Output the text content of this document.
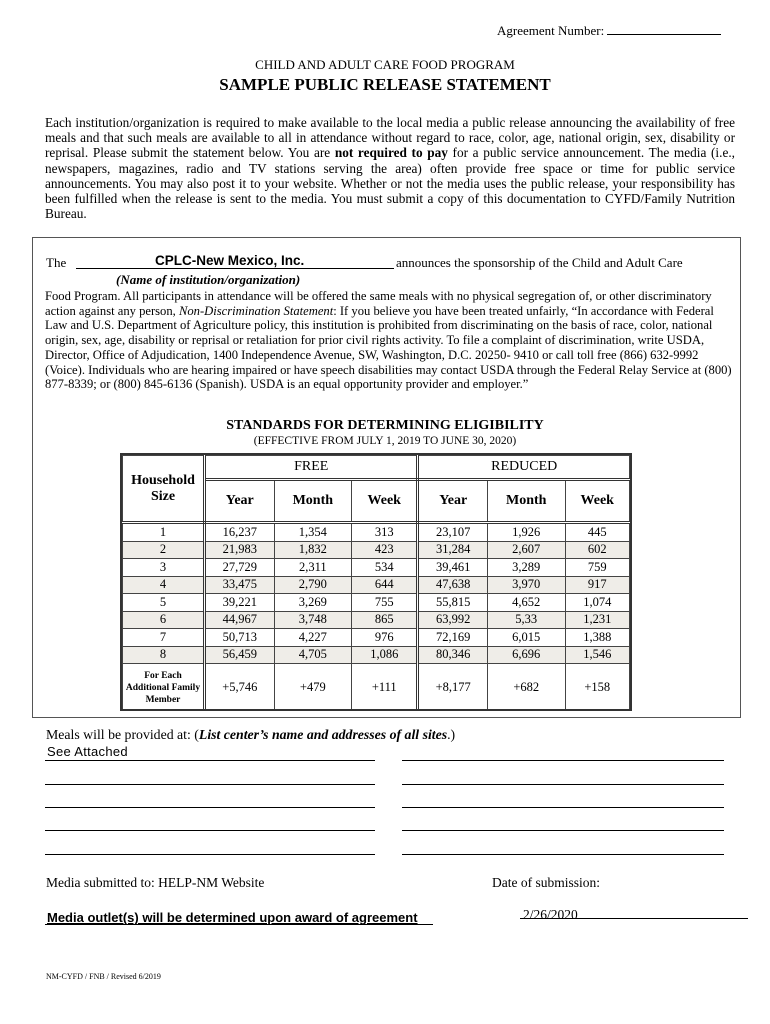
Agreement Number:
CHILD AND ADULT CARE FOOD PROGRAM
SAMPLE PUBLIC RELEASE STATEMENT
Each institution/organization is required to make available to the local media a public release announcing the availability of free meals and that such meals are available to all in attendance without regard to race, color, age, national origin, sex, disability or reprisal. Please submit the statement below. You are not required to pay for a public service announcement. The media (i.e., newspapers, magazines, radio and TV stations serving the area) often provide free space or time for public service announcements. You may also post it to your website. Whether or not the media uses the public release, your responsibility has been fulfilled when the release is sent to the media. You must submit a copy of this documentation to CYFD/Family Nutrition Bureau.
The	CPLC-New Mexico, Inc.	announces the sponsorship of the Child and Adult Care
(Name of institution/organization)
Food Program. All participants in attendance will be offered the same meals with no physical segregation of, or other discriminatory action against any person, Non-Discrimination Statement: If you believe you have been treated unfairly, “In accordance with Federal Law and U.S. Department of Agriculture policy, this institution is prohibited from discriminating on the basis of race, color, national origin, sex, age, disability or reprisal or retaliation for prior civil rights activity. To file a complaint of discrimination, write USDA, Director, Office of Adjudication, 1400 Independence Avenue, SW, Washington, D.C. 20250- 9410 or call toll free (866) 632-9992 (Voice). Individuals who are hearing impaired or have speech disabilities may contact USDA through the Federal Relay Service at (800) 877-8339; or (800) 845-6136 (Spanish). USDA is an equal opportunity provider and employer.”
STANDARDS FOR DETERMINING ELIGIBILITY
(EFFECTIVE FROM JULY 1, 2019 TO JUNE 30, 2020)
Household Size	FREE			REDUCED		
	Year	Month	Week	Year	Month	Week
1	16,237	1,354	313	23,107	1,926	445
2	21,983	1,832	423	31,284	2,607	602
3	27,729	2,311	534	39,461	3,289	759
4	33,475	2,790	644	47,638	3,970	917
5	39,221	3,269	755	55,815	4,652	1,074
6	44,967	3,748	865	63,992	5,33	1,231
7	50,713	4,227	976	72,169	6,015	1,388
8	56,459	4,705	1,086	80,346	6,696	1,546
For Each Additional Family Member	+5,746	+479	+111	+8,177	+682	+158
Meals will be provided at: (List center’s name and addresses of all sites.)
See Attached
Media submitted to: HELP-NM Website	Date of submission:
Media outlet(s) will be determined upon award of agreement	2/26/2020
NM-CYFD / FNB / Revised 6/2019
